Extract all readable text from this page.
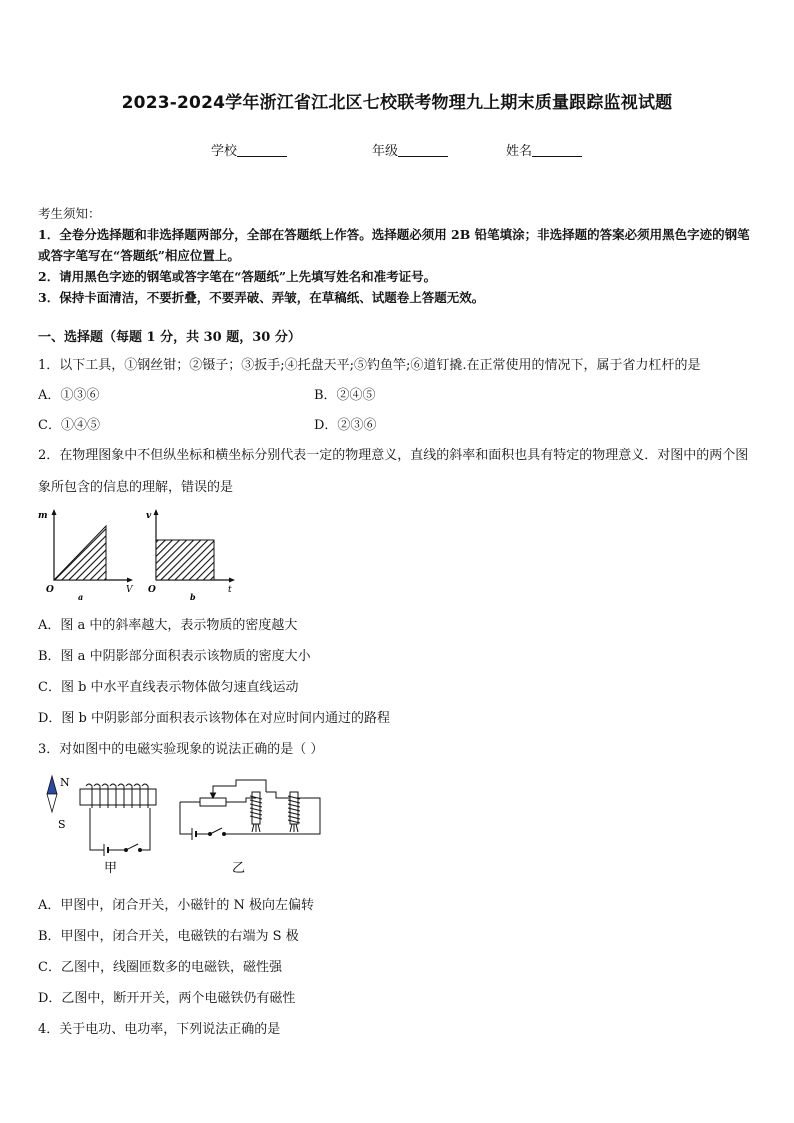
2023-2024学年浙江省江北区七校联考物理九上期末质量跟踪监视试题
学校	年级	姓名
考生须知：
1．全卷分选择题和非选择题两部分，全部在答题纸上作答。选择题必须用 2B 铅笔填涂；非选择题的答案必须用黑色字迹的钢笔或答字笔写在“答题纸”相应位置上。
2．请用黑色字迹的钢笔或答字笔在“答题纸”上先填写姓名和准考证号。
3．保持卡面清洁，不要折叠，不要弄破、弄皱，在草稿纸、试题卷上答题无效。
一、选择题（每题 1 分，共 30 题，30 分）
1．以下工具，①钢丝钳；②镊子；③扳手;④托盘天平;⑤钓鱼竿;⑥道钉撬.在正常使用的情况下，属于省力杠杆的是
A．①③⑥	B．②④⑤
C．①④⑤	D．②③⑥
2．在物理图象中不但纵坐标和横坐标分别代表一定的物理意义，直线的斜率和面积也具有特定的物理意义．对图中的两个图象所包含的信息的理解，错误的是
m
V
O
a
v
t
O
b
A．图 a 中的斜率越大，表示物质的密度越大
B．图 a 中阴影部分面积表示该物质的密度大小
C．图 b 中水平直线表示物体做匀速直线运动
D．图 b 中阴影部分面积表示该物体在对应时间内通过的路程
3．对如图中的电磁实验现象的说法正确的是（ ）
N
S
甲	乙
A．甲图中，闭合开关，小磁针的 N 极向左偏转
B．甲图中，闭合开关，电磁铁的右端为 S 极
C．乙图中，线圈匝数多的电磁铁，磁性强
D．乙图中，断开开关，两个电磁铁仍有磁性
4．关于电功、电功率，下列说法正确的是
